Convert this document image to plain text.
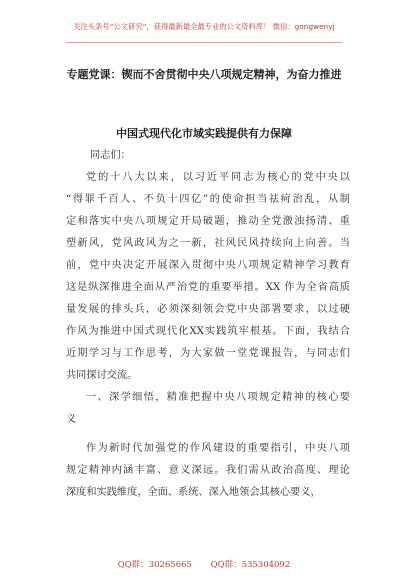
关注头条号“公文研究”，获得最新最全最专业的公文资料库！ 微信：gongwenyj
专题党课：锲而不舍贯彻中央八项规定精神，为奋力推进
中国式现代化市域实践提供有力保障
同志们：
党的十八大以来，以习近平同志为核心的党中央以
“得罪千百人、不负十四亿”的使命担当祛疴治乱，从制
定和落实中央八项规定开局破题，推动全党激浊扬清、重
塑新风，党风政风为之一新，社风民风持续向上向善。当
前，党中央决定开展深入贯彻中央八项规定精神学习教育
这是纵深推进全面从严治党的重要举措。XX 作为全省高质
量发展的排头兵，必须深刻领会党中央部署要求，以过硬
作风为推进中国式现代化XX实践筑牢根基。下面，我结合
近期学习与工作思考，为大家做一堂党课报告，与同志们
共同探讨交流。
一、深学细悟，精准把握中央八项规定精神的核心要
义
作为新时代加强党的作风建设的重要指引，中央八项
规定精神内涵丰富、意义深远。我们需从政治高度、理论
深度和实践维度，全面、系统、深入地领会其核心要义，
QQ群：30265665 QQ群：535304092
